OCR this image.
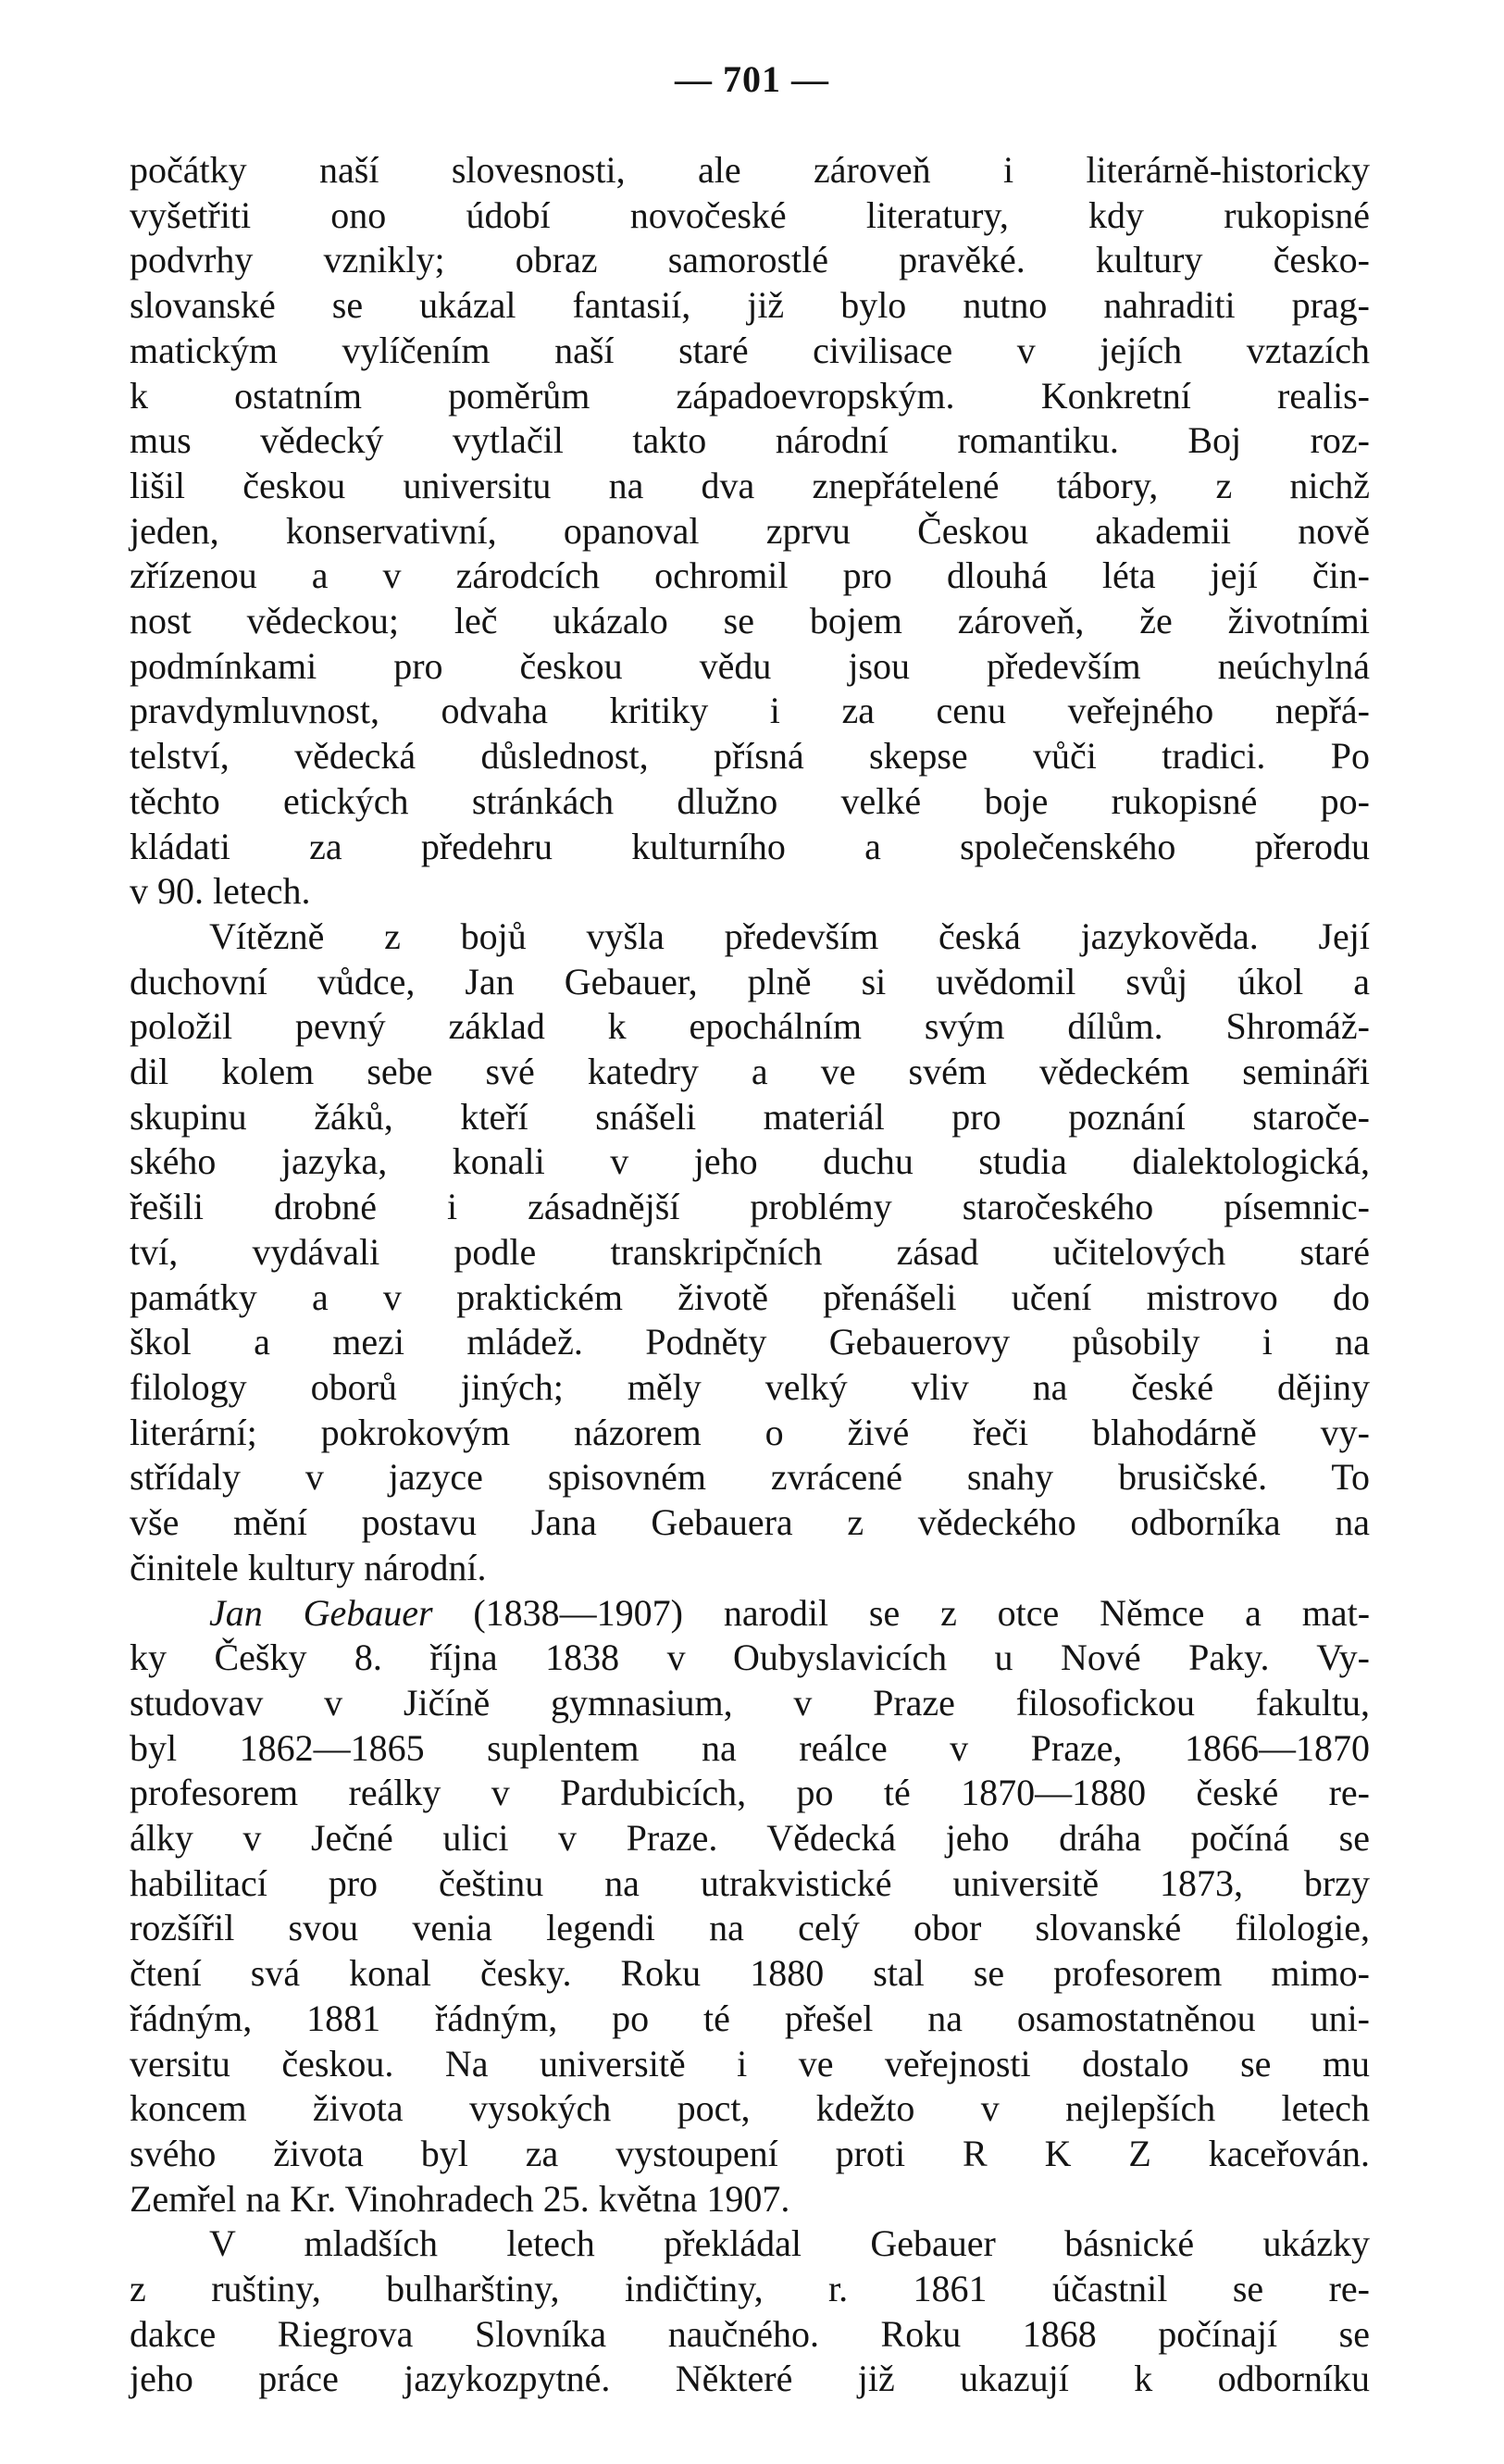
— 701 —
počátky naší slovesnosti, ale zároveň i literárně-historicky
vyšetřiti ono údobí novočeské literatury, kdy rukopisné
podvrhy vznikly; obraz samorostlé pravěké. kultury česko-
slovanské se ukázal fantasií, již bylo nutno nahraditi prag-
matickým vylíčením naší staré civilisace v jejích vztazích
k ostatním poměrům západoevropským. Konkretní realis-
mus vědecký vytlačil takto národní romantiku. Boj roz-
lišil českou universitu na dva znepřátelené tábory, z nichž
jeden, konservativní, opanoval zprvu Českou akademii nově
zřízenou a v zárodcích ochromil pro dlouhá léta její čin-
nost vědeckou; leč ukázalo se bojem zároveň, že životními
podmínkami pro českou vědu jsou především neúchylná
pravdymluvnost, odvaha kritiky i za cenu veřejného nepřá-
telství, vědecká důslednost, přísná skepse vůči tradici. Po
těchto etických stránkách dlužno velké boje rukopisné po-
kládati za předehru kulturního a společenského přerodu
v 90. letech.
Vítězně z bojů vyšla především česká jazykověda. Její
duchovní vůdce, Jan Gebauer, plně si uvědomil svůj úkol a
položil pevný základ k epochálním svým dílům. Shromáž-
dil kolem sebe své katedry a ve svém vědeckém semináři
skupinu žáků, kteří snášeli materiál pro poznání staroče-
ského jazyka, konali v jeho duchu studia dialektologická,
řešili drobné i zásadnější problémy staročeského písemnic-
tví, vydávali podle transkripčních zásad učitelových staré
památky a v praktickém životě přenášeli učení mistrovo do
škol a mezi mládež. Podněty Gebauerovy působily i na
filology oborů jiných; měly velký vliv na české dějiny
literární; pokrokovým názorem o živé řeči blahodárně vy-
střídaly v jazyce spisovném zvrácené snahy brusičské. To
vše mění postavu Jana Gebauera z vědeckého odborníka na
činitele kultury národní.
Jan Gebauer (1838—1907) narodil se z otce Němce a mat-
ky Češky 8. října 1838 v Oubyslavicích u Nové Paky. Vy-
studovav v Jičíně gymnasium, v Praze filosofickou fakultu,
byl 1862—1865 suplentem na reálce v Praze, 1866—1870
profesorem reálky v Pardubicích, po té 1870—1880 české re-
álky v Ječné ulici v Praze. Vědecká jeho dráha počíná se
habilitací pro češtinu na utrakvistické universitě 1873, brzy
rozšířil svou venia legendi na celý obor slovanské filologie,
čtení svá konal česky. Roku 1880 stal se profesorem mimo-
řádným, 1881 řádným, po té přešel na osamostatněnou uni-
versitu českou. Na universitě i ve veřejnosti dostalo se mu
koncem života vysokých poct, kdežto v nejlepších letech
svého života byl za vystoupení proti R K Z kaceřován.
Zemřel na Kr. Vinohradech 25. května 1907.
V mladších letech překládal Gebauer básnické ukázky
z ruštiny, bulharštiny, indičtiny, r. 1861 účastnil se re-
dakce Riegrova Slovníka naučného. Roku 1868 počínají se
jeho práce jazykozpytné. Některé již ukazují k odborníku
